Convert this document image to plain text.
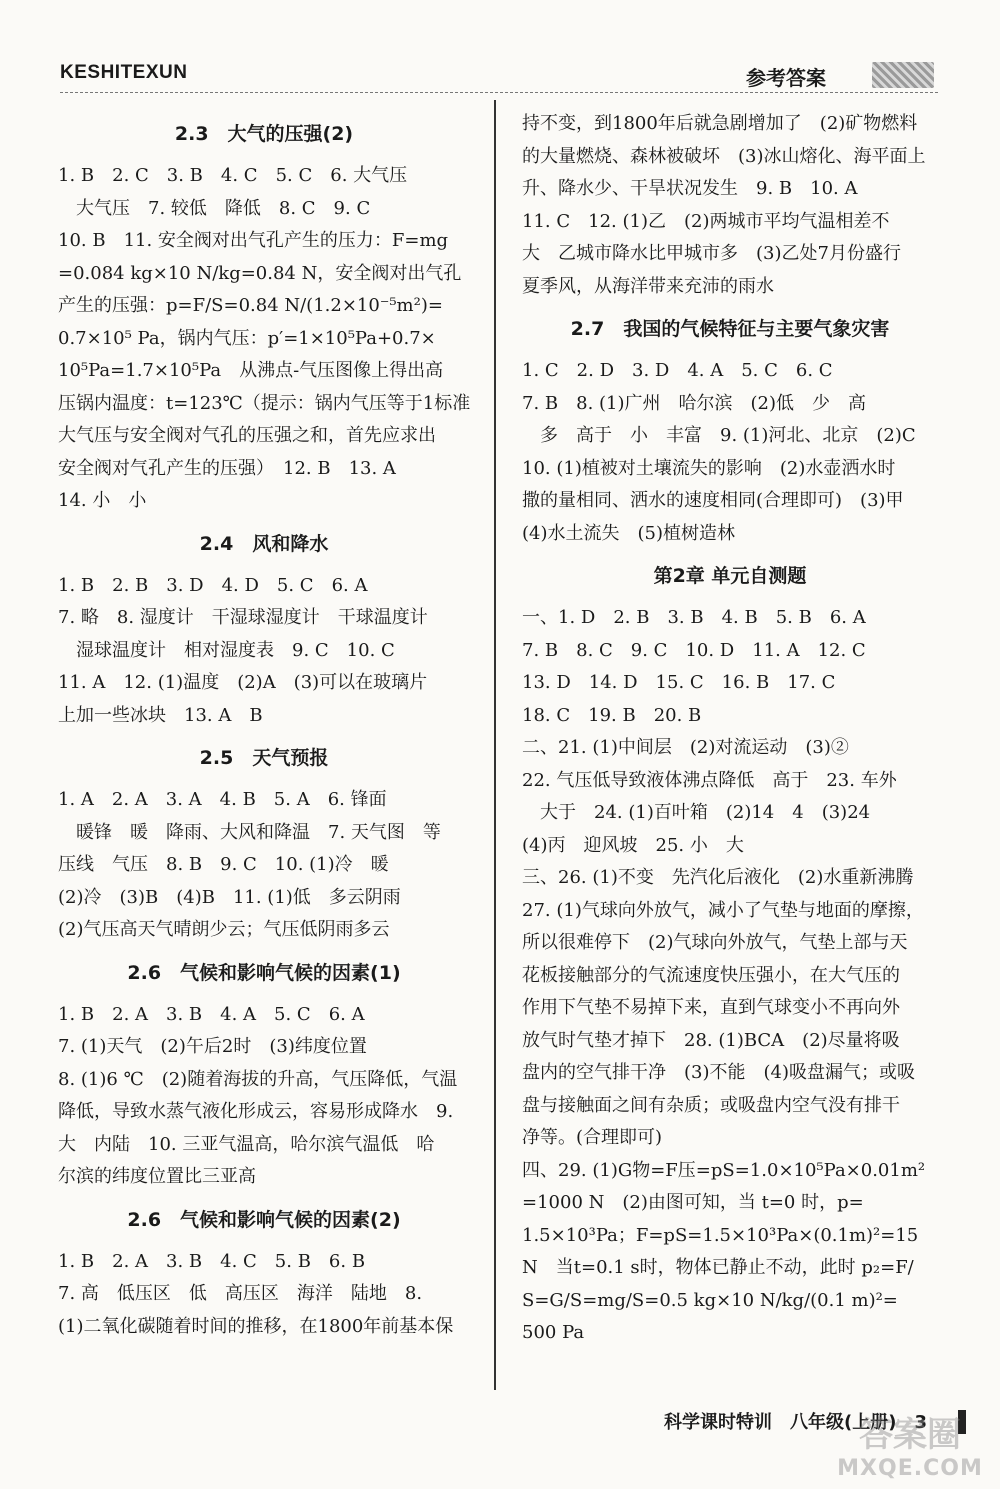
KESHITEXUN	参考答案
2.3　大气的压强(2)
1. B　2. C　3. B　4. C　5. C　6. 大气压
　大气压　7. 较低　降低　8. C　9. C
10. B　11. 安全阀对出气孔产生的压力：F=mg
=0.084 kg×10 N/kg=0.84 N，安全阀对出气孔
产生的压强：p=F/S=0.84 N/(1.2×10⁻⁵m²)=
0.7×10⁵ Pa，锅内气压：p′=1×10⁵Pa+0.7×
10⁵Pa=1.7×10⁵Pa　从沸点-气压图像上得出高
压锅内温度：t=123℃（提示：锅内气压等于1标准
大气压与安全阀对气孔的压强之和，首先应求出
安全阀对气孔产生的压强）　12. B　13. A
14. 小　小
2.4　风和降水
1. B　2. B　3. D　4. D　5. C　6. A
7. 略　8. 湿度计　干湿球湿度计　干球温度计
　湿球温度计　相对湿度表　9. C　10. C
11. A　12. (1)温度　(2)A　(3)可以在玻璃片
上加一些冰块　13. A　B
2.5　天气预报
1. A　2. A　3. A　4. B　5. A　6. 锋面
　暖锋　暖　降雨、大风和降温　7. 天气图　等
压线　气压　8. B　9. C　10. (1)冷　暖
(2)冷　(3)B　(4)B　11. (1)低　多云阴雨
(2)气压高天气晴朗少云；气压低阴雨多云
2.6　气候和影响气候的因素(1)
1. B　2. A　3. B　4. A　5. C　6. A
7. (1)天气　(2)午后2时　(3)纬度位置
8. (1)6 ℃　(2)随着海拔的升高，气压降低，气温
降低，导致水蒸气液化形成云，容易形成降水　9.
大　内陆　10. 三亚气温高，哈尔滨气温低　哈
尔滨的纬度位置比三亚高
2.6　气候和影响气候的因素(2)
1. B　2. A　3. B　4. C　5. B　6. B
7. 高　低压区　低　高压区　海洋　陆地　8.
(1)二氧化碳随着时间的推移，在1800年前基本保
持不变，到1800年后就急剧增加了　(2)矿物燃料
的大量燃烧、森林被破坏　(3)冰山熔化、海平面上
升、降水少、干旱状况发生　9. B　10. A
11. C　12. (1)乙　(2)两城市平均气温相差不
大　乙城市降水比甲城市多　(3)乙处7月份盛行
夏季风，从海洋带来充沛的雨水
2.7　我国的气候特征与主要气象灾害
1. C　2. D　3. D　4. A　5. C　6. C
7. B　8. (1)广州　哈尔滨　(2)低　少　高
　多　高于　小　丰富　9. (1)河北、北京　(2)C
10. (1)植被对土壤流失的影响　(2)水壶洒水时
撒的量相同、洒水的速度相同(合理即可)　(3)甲
(4)水土流失　(5)植树造林
第2章 单元自测题
一、1. D　2. B　3. B　4. B　5. B　6. A
7. B　8. C　9. C　10. D　11. A　12. C
13. D　14. D　15. C　16. B　17. C
18. C　19. B　20. B
二、21. (1)中间层　(2)对流运动　(3)②
22. 气压低导致液体沸点降低　高于　23. 车外
　大于　24. (1)百叶箱　(2)14　4　(3)24
(4)丙　迎风坡　25. 小　大
三、26. (1)不变　先汽化后液化　(2)水重新沸腾
27. (1)气球向外放气，减小了气垫与地面的摩擦，
所以很难停下　(2)气球向外放气，气垫上部与天
花板接触部分的气流速度快压强小，在大气压的
作用下气垫不易掉下来，直到气球变小不再向外
放气时气垫才掉下　28. (1)BCA　(2)尽量将吸
盘内的空气排干净　(3)不能　(4)吸盘漏气；或吸
盘与接触面之间有杂质；或吸盘内空气没有排干
净等。(合理即可)
四、29. (1)G物=F压=pS=1.0×10⁵Pa×0.01m²
=1000 N　(2)由图可知，当 t=0 时，p=
1.5×10³Pa；F=pS=1.5×10³Pa×(0.1m)²=15
N　当t=0.1 s时，物体已静止不动，此时 p₂=F/
S=G/S=mg/S=0.5 kg×10 N/kg/(0.1 m)²=
500 Pa
科学课时特训　八年级(上册)　3
答案圈
MXQE.COM
